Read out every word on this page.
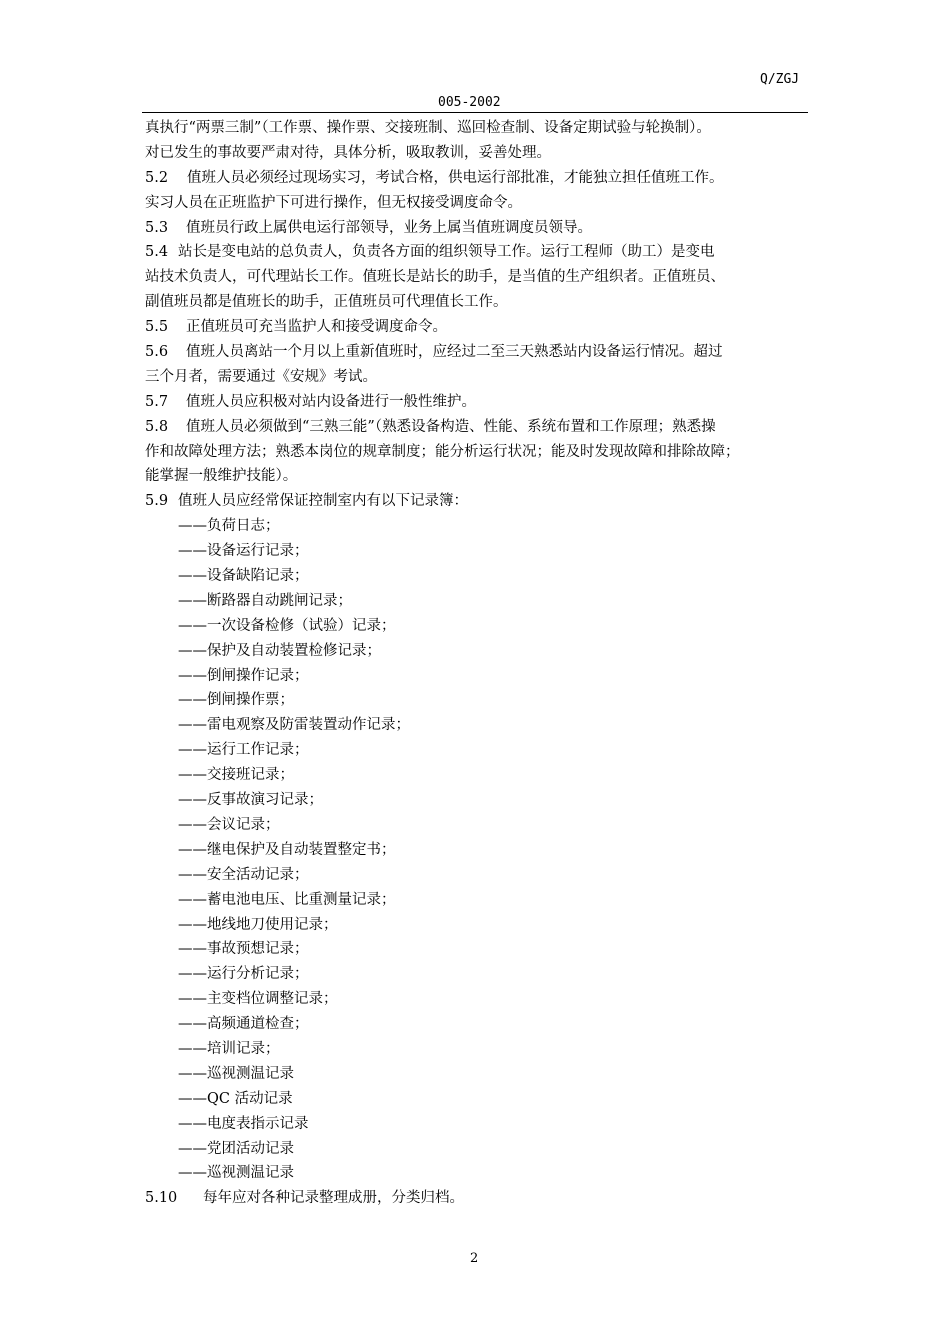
Q/ZGJ
005-2002
真执行“两票三制”（工作票、操作票、交接班制、巡回检查制、设备定期试验与轮换制）。
对已发生的事故要严肃对待，具体分析，吸取教训，妥善处理。
5.2 值班人员必须经过现场实习，考试合格，供电运行部批准，才能独立担任值班工作。
实习人员在正班监护下可进行操作，但无权接受调度命令。
5.3 值班员行政上属供电运行部领导，业务上属当值班调度员领导。
5.4 站长是变电站的总负责人，负责各方面的组织领导工作。运行工程师（助工）是变电
站技术负责人，可代理站长工作。值班长是站长的助手，是当值的生产组织者。正值班员、
副值班员都是值班长的助手，正值班员可代理值长工作。
5.5 正值班员可充当监护人和接受调度命令。
5.6 值班人员离站一个月以上重新值班时，应经过二至三天熟悉站内设备运行情况。超过
三个月者，需要通过《安规》考试。
5.7 值班人员应积极对站内设备进行一般性维护。
5.8 值班人员必须做到“三熟三能”（熟悉设备构造、性能、系统布置和工作原理；熟悉操
作和故障处理方法；熟悉本岗位的规章制度；能分析运行状况；能及时发现故障和排除故障；
能掌握一般维护技能）。
5.9 值班人员应经常保证控制室内有以下记录簿：
——负荷日志；
——设备运行记录；
——设备缺陷记录；
——断路器自动跳闸记录；
——一次设备检修（试验）记录；
——保护及自动装置检修记录；
——倒闸操作记录；
——倒闸操作票；
——雷电观察及防雷装置动作记录；
——运行工作记录；
——交接班记录；
——反事故演习记录；
——会议记录；
——继电保护及自动装置整定书；
——安全活动记录；
——蓄电池电压、比重测量记录；
——地线地刀使用记录；
——事故预想记录；
——运行分析记录；
——主变档位调整记录；
——高频通道检查；
——培训记录；
——巡视测温记录
——QC 活动记录
——电度表指示记录
——党团活动记录
——巡视测温记录
5.10 每年应对各种记录整理成册，分类归档。
2
